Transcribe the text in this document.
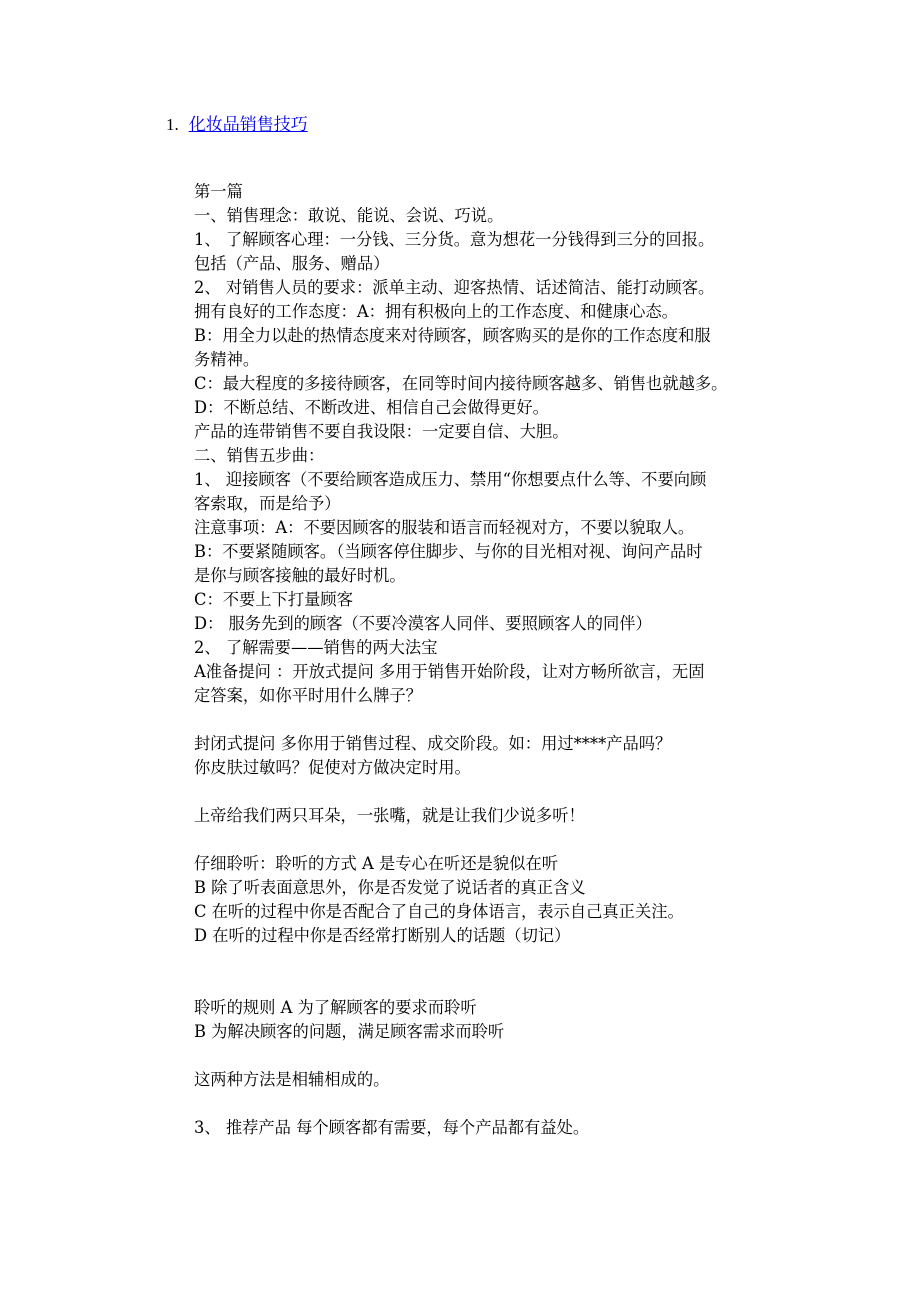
1. 化妆品销售技巧
第一篇
一、销售理念：敢说、能说、会说、巧说。
1、 了解顾客心理：一分钱、三分货。意为想花一分钱得到三分的回报。
包括（产品、服务、赠品）
2、 对销售人员的要求：派单主动、迎客热情、话述简洁、能打动顾客。
拥有良好的工作态度：A：拥有积极向上的工作态度、和健康心态。
B：用全力以赴的热情态度来对待顾客，顾客购买的是你的工作态度和服
务精神。
C：最大程度的多接待顾客，在同等时间内接待顾客越多、销售也就越多。
D：不断总结、不断改进、相信自己会做得更好。
产品的连带销售不要自我设限：一定要自信、大胆。
二、销售五步曲：
1、 迎接顾客（不要给顾客造成压力、禁用“你想要点什么等、不要向顾
客索取，而是给予）
注意事项：A：不要因顾客的服装和语言而轻视对方，不要以貌取人。
B：不要紧随顾客。（当顾客停住脚步、与你的目光相对视、询问产品时
是你与顾客接触的最好时机。
C：不要上下打量顾客
D： 服务先到的顾客（不要冷漠客人同伴、要照顾客人的同伴）
2、 了解需要——销售的两大法宝
A准备提问 ：开放式提问 多用于销售开始阶段，让对方畅所欲言，无固
定答案，如你平时用什么牌子？
封闭式提问 多你用于销售过程、成交阶段。如：用过****产品吗？
你皮肤过敏吗？促使对方做决定时用。
上帝给我们两只耳朵，一张嘴，就是让我们少说多听！
仔细聆听：聆听的方式 A 是专心在听还是貌似在听
B 除了听表面意思外，你是否发觉了说话者的真正含义
C 在听的过程中你是否配合了自己的身体语言，表示自己真正关注。
D 在听的过程中你是否经常打断别人的话题（切记）
聆听的规则 A 为了解顾客的要求而聆听
B 为解决顾客的问题，满足顾客需求而聆听
这两种方法是相辅相成的。
3、 推荐产品 每个顾客都有需要，每个产品都有益处。
